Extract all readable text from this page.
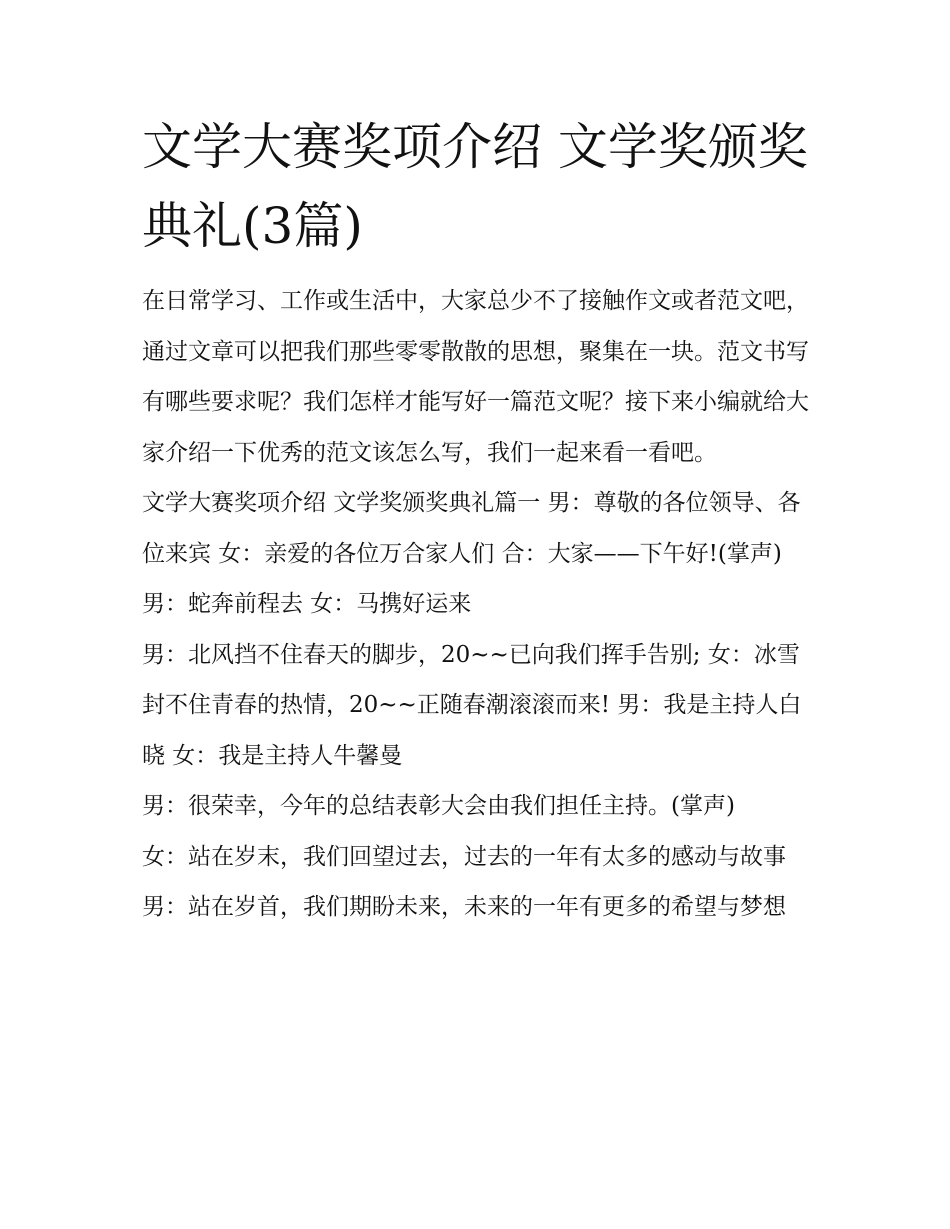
文学大赛奖项介绍 文学奖颁奖典礼(3篇)

在日常学习、工作或生活中，大家总少不了接触作文或者范文吧，通过文章可以把我们那些零零散散的思想，聚集在一块。范文书写有哪些要求呢？我们怎样才能写好一篇范文呢？接下来小编就给大家介绍一下优秀的范文该怎么写，我们一起来看一看吧。

文学大赛奖项介绍 文学奖颁奖典礼篇一 男：尊敬的各位领导、各位来宾 女：亲爱的各位万合家人们 合：大家——下午好!(掌声) 男：蛇奔前程去 女：马携好运来

男：北风挡不住春天的脚步，20~~已向我们挥手告别; 女：冰雪封不住青春的热情，20~~正随春潮滚滚而来! 男：我是主持人白晓 女：我是主持人牛馨曼

男：很荣幸，今年的总结表彰大会由我们担任主持。(掌声)

女：站在岁末，我们回望过去，过去的一年有太多的感动与故事

男：站在岁首，我们期盼未来，未来的一年有更多的希望与梦想
